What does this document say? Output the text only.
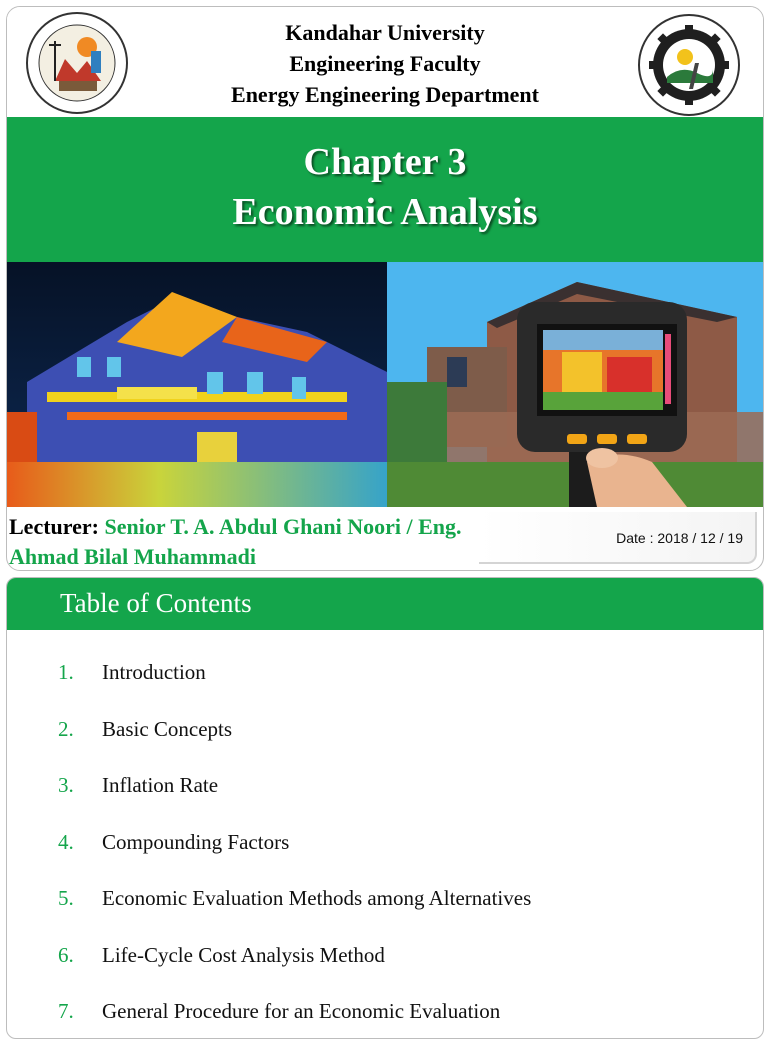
Kandahar University
Engineering Faculty
Energy Engineering Department
Chapter 3
Economic Analysis
Lecturer: Senior T. A. Abdul Ghani Noori / Eng. Ahmad Bilal Muhammadi
Date : 2018 / 12 / 19
Table of Contents
1. Introduction
2. Basic Concepts
3. Inflation Rate
4. Compounding Factors
5. Economic Evaluation Methods among Alternatives
6. Life-Cycle Cost Analysis Method
7. General Procedure for an Economic Evaluation
